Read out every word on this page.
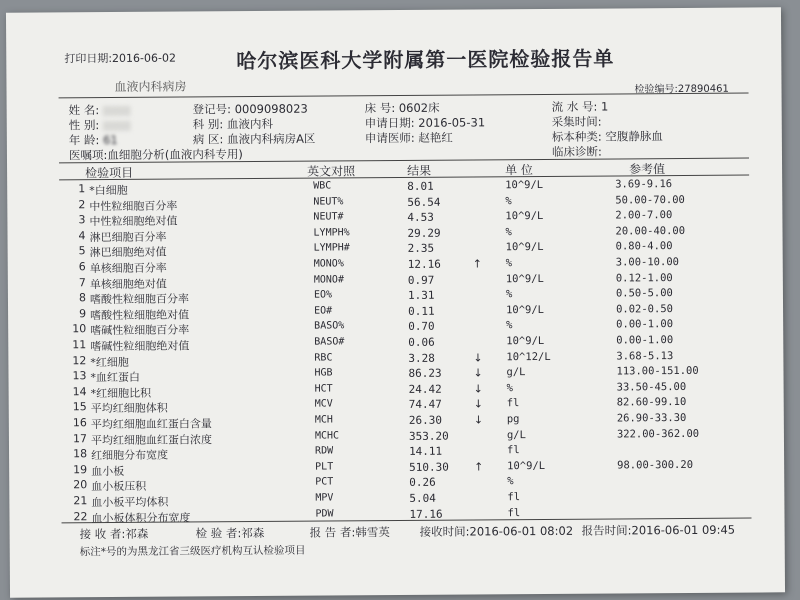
打印日期:2016-06-02	哈尔滨医科大学附属第一医院检验报告单
血液内科病房	检验编号:27890461
姓 名:
性 别:
年 龄: 61
医嘱项:血细胞分析(血液内科专用)
登记号: 0009098023
科 别: 血液内科
病 区: 血液内科病房A区
床 号: 0602床
申请日期: 2016-05-31
申请医师: 赵艳红
流 水 号: 1
采集时间:
标本种类: 空腹静脉血
临床诊断:
检验项目	英文对照	结果	单 位	参考值
1 *白细胞	WBC	8.01	10^9/L	3.69-9.16
2 中性粒细胞百分率	NEUT%	56.54	%	50.00-70.00
3 中性粒细胞绝对值	NEUT#	4.53	10^9/L	2.00-7.00
4 淋巴细胞百分率	LYMPH%	29.29	%	20.00-40.00
5 淋巴细胞绝对值	LYMPH#	2.35	10^9/L	0.80-4.00
6 单核细胞百分率	MONO%	12.16	↑ %	3.00-10.00
7 单核细胞绝对值	MONO#	0.97	10^9/L	0.12-1.00
8 嗜酸性粒细胞百分率	EO%	1.31	%	0.50-5.00
9 嗜酸性粒细胞绝对值	EO#	0.11	10^9/L	0.02-0.50
10 嗜碱性粒细胞百分率	BASO%	0.70	%	0.00-1.00
11 嗜碱性粒细胞绝对值	BASO#	0.06	10^9/L	0.00-1.00
12 *红细胞	RBC	3.28	↓ 10^12/L	3.68-5.13
13 *血红蛋白	HGB	86.23	↓ g/L	113.00-151.00
14 *红细胞比积	HCT	24.42	↓ %	33.50-45.00
15 平均红细胞体积	MCV	74.47	↓ fl	82.60-99.10
16 平均红细胞血红蛋白含量	MCH	26.30	↓ pg	26.90-33.30
17 平均红细胞血红蛋白浓度	MCHC	353.20	g/L	322.00-362.00
18 红细胞分布宽度	RDW	14.11	fl
19 血小板	PLT	510.30 ↑ 10^9/L	98.00-300.20
20 血小板压积	PCT	0.26	%
21 血小板平均体积	MPV	5.04	fl
22 血小板体积分布宽度	PDW	17.16	fl
接 收 者:祁森	检 验 者:祁森	报 告 者:韩雪英	接收时间:2016-06-01 08:02 报告时间:2016-06-01 09:45
标注*号的为黑龙江省三级医疗机构互认检验项目
